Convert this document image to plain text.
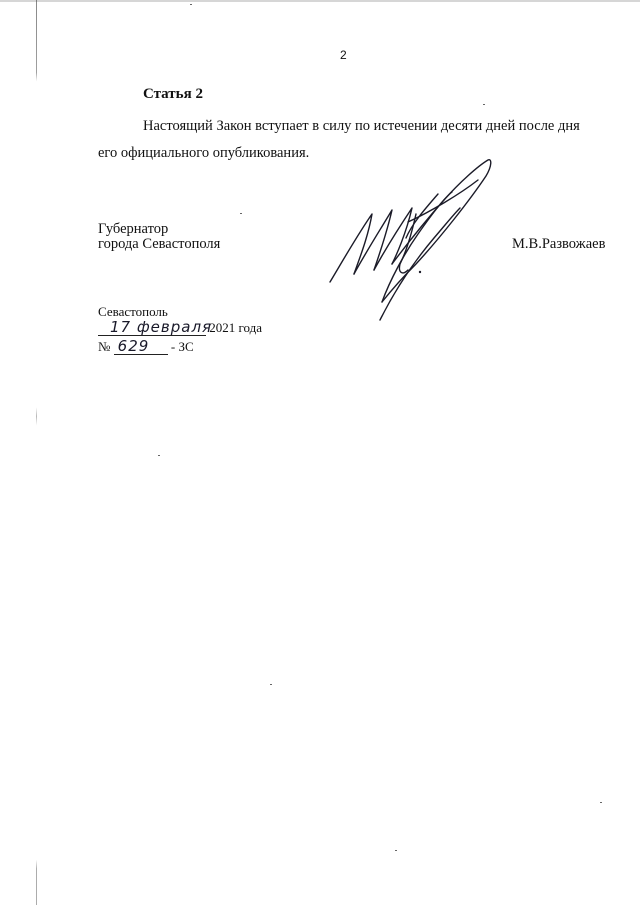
2
Статья 2
Настоящий Закон вступает в силу по истечении десяти дней после дня
его официального опубликования.
Губернатор
города Севастополя	М.В.Развожаев
Севастополь
17 февраля
2021 года
№ 629 - ЗС
